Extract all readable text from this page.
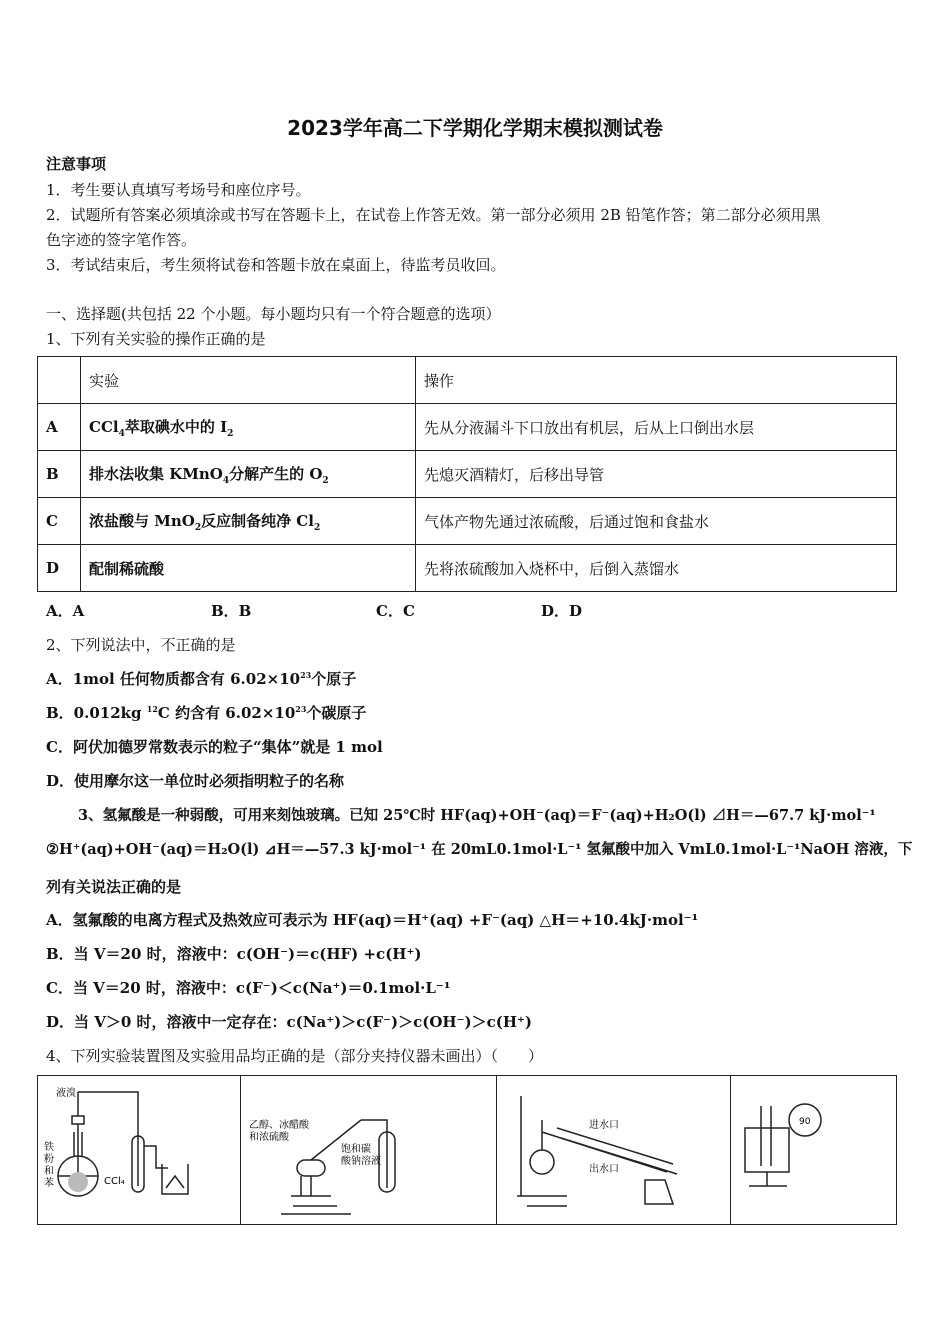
2023学年高二下学期化学期末模拟测试卷
注意事项
1．考生要认真填写考场号和座位序号。
2．试题所有答案必须填涂或书写在答题卡上，在试卷上作答无效。第一部分必须用 2B 铅笔作答；第二部分必须用黑
色字迹的签字笔作答。
3．考试结束后，考生须将试卷和答题卡放在桌面上，待监考员收回。
一、选择题(共包括 22 个小题。每小题均只有一个符合题意的选项）
1、下列有关实验的操作正确的是
	实验	操作
A	CCl$_4$萃取碘水中的 $I_2$	先从分液漏斗下口放出有机层，后从上口倒出水层
B	排水法收集 KMnO$_4$分解产生的 $O_2$	先熄灭酒精灯，后移出导管
C	浓盐酸与 MnO$_2$反应制备纯净 $Cl_2$	气体产物先通过浓硫酸，后通过饱和食盐水
D	配制稀硫酸	先将浓硫酸加入烧杯中，后倒入蒸馏水
A．A	B．B	C．C	D．D
2、下列说法中，不正确的是
A．1mol 任何物质都含有 $6.02\times 10^{23}$个原子
B．0.012kg $^{12}$C 约含有 $6.02\times 10^{23}$个碳原子
C．阿伏加德罗常数表示的粒子“集体”就是 1 mol
D．使用摩尔这一单位时必须指明粒子的名称
3、氢氟酸是一种弱酸，可用来刻蚀玻璃。已知 25℃时 HF(aq)+OH⁻(aq)＝F⁻(aq)+H₂O(l) ⊿H＝—67.7 kJ·mol⁻¹
②H⁺(aq)+OH⁻(aq)＝H₂O(l) ⊿H＝—57.3 kJ·mol⁻¹ 在 20mL0.1mol·L⁻¹ 氢氟酸中加入 VmL0.1mol·L⁻¹NaOH 溶液，下
列有关说法正确的是
A．氢氟酸的电离方程式及热效应可表示为 HF(aq)＝H⁺(aq) +F⁻(aq) △H＝+10.4kJ·mol⁻¹
B．当 V＝20 时，溶液中：c(OH⁻)＝c(HF) +c(H⁺)
C．当 V＝20 时，溶液中：c(F⁻)＜c(Na⁺)＝0.1mol·L⁻¹
D．当 V＞0 时，溶液中一定存在：c(Na⁺)＞c(F⁻)＞c(OH⁻)＞c(H⁺)
4、下列实验装置图及实验用品均正确的是（部分夹持仪器未画出）（　　）
液溴
铁
粉
和
苯	CCl₄
乙醇、冰醋酸
和浓硫酸
饱和碳
酸钠溶液
进水口
出水口
90
